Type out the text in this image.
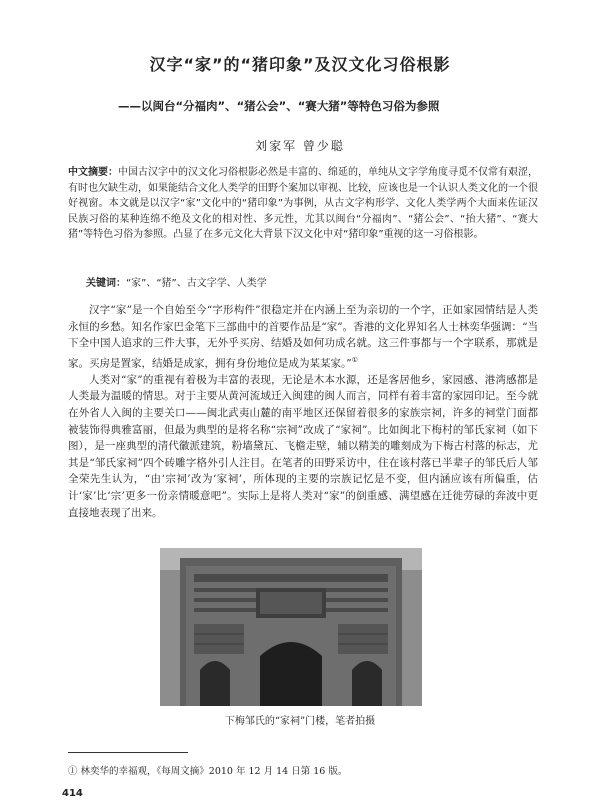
汉字“家”的“猪印象”及汉文化习俗根影
——以闽台“分福肉”、“猪公会”、“赛大猪”等特色习俗为参照
刘家军 曾少聪
中文摘要：中国古汉字中的汉文化习俗根影必然是丰富的、绵延的，单纯从文字学角度寻觅不仅常有艰涩，有时也欠缺生动，如果能结合文化人类学的田野个案加以审视、比较，应该也是一个认识人类文化的一个很好视窗。本文就是以汉字“家”文化中的“猪印象”为事例，从古文字构形学、文化人类学两个大面来佐证汉民族习俗的某种连绵不绝及文化的相对性、多元性，尤其以闽台“分福肉”、“猪公会”、“抬大猪”、“赛大猪”等特色习俗为参照。凸显了在多元文化大背景下汉文化中对“猪印象”重视的这一习俗根影。
关键词：“家”、“猪”、古文字学、人类学

汉字“家”是一个自始至今“字形构件”很稳定并在内涵上至为亲切的一个字，正如家园情结是人类永恒的乡愁。知名作家巴金笔下三部曲中的首要作品是“家”。香港的文化界知名人士林奕华强调：“当下全中国人追求的三件大事，无外乎买房、结婚及如何功成名就。这三件事都与一个字联系，那就是家。买房是置家，结婚是成家，拥有身份地位是成为某某家。”①

人类对“家”的重视有着极为丰富的表现，无论是木本水源，还是客居他乡，家园感、港湾感都是人类最为温暖的情思。对于主要从黄河流域迁入闽建的闽人而言，同样有着丰富的家园印记。至今就在外省人入闽的主要关口——闽北武夷山麓的南平地区还保留着很多的家族宗祠，许多的祠堂门面都被装饰得典雅富丽，但最为典型的是将名称“宗祠”改成了“家祠”。比如闽北下梅村的邹氏家祠（如下图），是一座典型的清代徽派建筑，粉墙黛瓦、飞檐走壁，辅以精美的雕刻成为下梅古村落的标志，尤其是“邹氏家祠”四个砖雕字格外引人注目。在笔者的田野采访中，住在该村落已半辈子的邹氏后人邹全荣先生认为，“由‘宗祠’改为‘家祠’，所体现的主要的宗族记忆是不变，但内涵应该有所偏重，估计‘家’比‘宗’更多一份亲情暖意吧”。实际上是将人类对“家”的倒重感、满望感在迁徙劳碌的奔波中更直接地表现了出来。

下梅邹氏的“家祠”门楼，笔者拍摄
① 林奕华的幸福观，《每周文摘》2010 年 12 月 14 日第 16 版。
414
